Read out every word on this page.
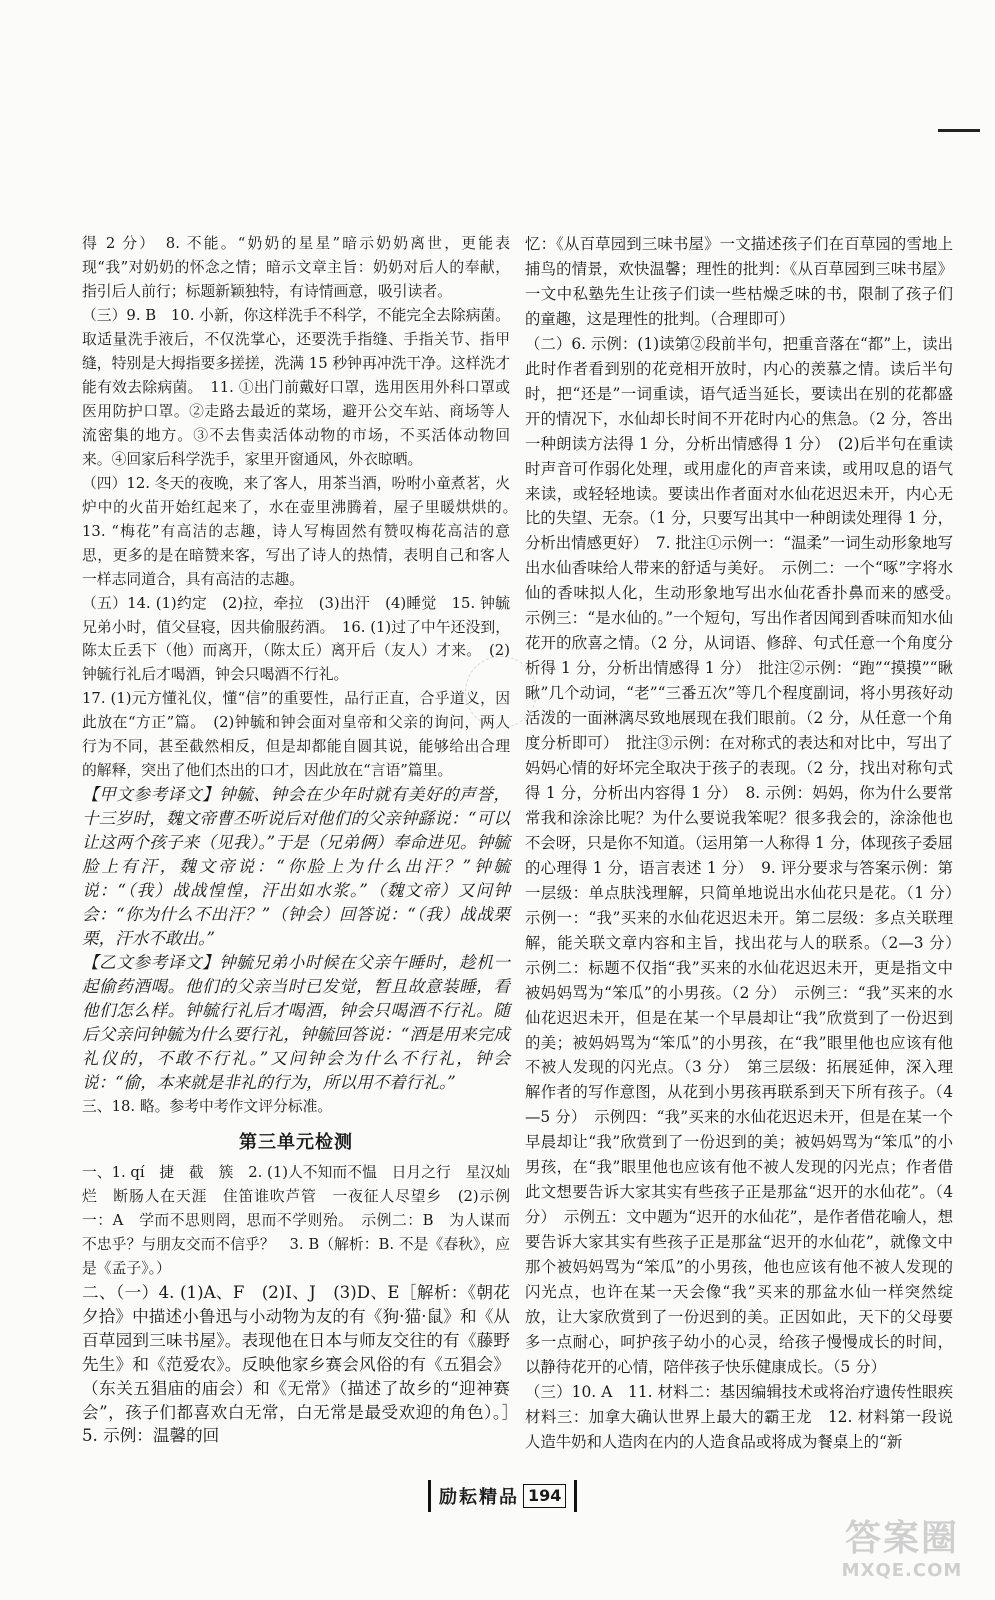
得 2 分）　8. 不能。“奶奶的星星”暗示奶奶离世，更能表现“我”对奶奶的怀念之情；暗示文章主旨：奶奶对后人的奉献，指引后人前行；标题新颖独特，有诗情画意，吸引读者。

（三）9. B　10. 小新，你这样洗手不科学，不能完全去除病菌。取适量洗手液后，不仅洗掌心，还要洗手指缝、手指关节、指甲缝，特别是大拇指要多搓搓，洗满 15 秒钟再冲洗干净。这样洗才能有效去除病菌。　11. ①出门前戴好口罩，选用医用外科口罩或医用防护口罩。②走路去最近的菜场，避开公交车站、商场等人流密集的地方。③不去售卖活体动物的市场，不买活体动物回来。④回家后科学洗手，家里开窗通风，外衣晾晒。

（四）12. 冬天的夜晚，来了客人，用茶当酒，吩咐小童煮茗，火炉中的火苗开始红起来了，水在壶里沸腾着，屋子里暖烘烘的。　13. “梅花”有高洁的志趣，诗人写梅固然有赞叹梅花高洁的意思，更多的是在暗赞来客，写出了诗人的热情，表明自己和客人一样志同道合，具有高洁的志趣。

（五）14. (1)约定　(2)拉，牵拉　(3)出汗　(4)睡觉　15. 钟毓兄弟小时，值父昼寝，因共偷服药酒。　16. (1)过了中午还没到，陈太丘丢下（他）而离开，（陈太丘）离开后（友人）才来。　(2)钟毓行礼后才喝酒，钟会只喝酒不行礼。

17. (1)元方懂礼仪，懂“信”的重要性，品行正直，合乎道义，因此放在“方正”篇。　(2)钟毓和钟会面对皇帝和父亲的询问，两人行为不同，甚至截然相反，但是却都能自圆其说，能够给出合理的解释，突出了他们杰出的口才，因此放在“言语”篇里。

【甲文参考译文】钟毓、钟会在少年时就有美好的声誉，十三岁时，魏文帝曹丕听说后对他们的父亲钟繇说：“可以让这两个孩子来（见我）。”于是（兄弟俩）奉命进见。钟毓脸上有汗，魏文帝说：“你脸上为什么出汗？”钟毓说：“（我）战战惶惶，汗出如水浆。”（魏文帝）又问钟会：“你为什么不出汗？”（钟会）回答说：“（我）战战栗栗，汗水不敢出。”

【乙文参考译文】钟毓兄弟小时候在父亲午睡时，趁机一起偷药酒喝。他们的父亲当时已发觉，暂且故意装睡，看他们怎么样。钟毓行礼后才喝酒，钟会只喝酒不行礼。随后父亲问钟毓为什么要行礼，钟毓回答说：“酒是用来完成礼仪的，不敢不行礼。”又问钟会为什么不行礼，钟会说：“偷，本来就是非礼的行为，所以用不着行礼。”

三、18. 略。参考中考作文评分标准。

第三单元检测

一、1. qí　捷　截　簇　2. (1)人不知而不愠　日月之行　星汉灿烂　断肠人在天涯　住笛谁吹芦管　一夜征人尽望乡　(2)示例一：A　学而不思则罔，思而不学则殆。　示例二：B　为人谋而不忠乎？与朋友交而不信乎？　3. B（解析：B. 不是《春秋》，应是《孟子》。）

二、（一）4. (1)A、F　(2)I、J　(3)D、E［解析：《朝花夕拾》中描述小鲁迅与小动物为友的有《狗·猫·鼠》和《从百草园到三味书屋》。表现他在日本与师友交往的有《藤野先生》和《范爱农》。反映他家乡赛会风俗的有《五猖会》（东关五猖庙的庙会）和《无常》（描述了故乡的“迎神赛会”，孩子们都喜欢白无常，白无常是最受欢迎的角色）。］　5. 示例：温馨的回

忆：《从百草园到三味书屋》一文描述孩子们在百草园的雪地上捕鸟的情景，欢快温馨；理性的批判：《从百草园到三味书屋》一文中私塾先生让孩子们读一些枯燥乏味的书，限制了孩子们的童趣，这是理性的批判。（合理即可）

（二）6. 示例：(1)读第②段前半句，把重音落在“都”上，读出此时作者看到别的花竞相开放时，内心的羡慕之情。读后半句时，把“还是”一词重读，语气适当延长，要读出在别的花都盛开的情况下，水仙却长时间不开花时内心的焦急。（2 分，答出一种朗读方法得 1 分，分析出情感得 1 分）　(2)后半句在重读时声音可作弱化处理，或用虚化的声音来读，或用叹息的语气来读，或轻轻地读。要读出作者面对水仙花迟迟未开，内心无比的失望、无奈。（1 分，只要写出其中一种朗读处理得 1 分，分析出情感更好）　7. 批注①示例一：“温柔”一词生动形象地写出水仙香味给人带来的舒适与美好。　示例二：一个“啄”字将水仙的香味拟人化，生动形象地写出水仙花香扑鼻而来的感受。　示例三：“是水仙的。”一个短句，写出作者因闻到香味而知水仙花开的欣喜之情。（2 分，从词语、修辞、句式任意一个角度分析得 1 分，分析出情感得 1 分）　批注②示例：“跑”“摸摸”“瞅瞅”几个动词，“老”“三番五次”等几个程度副词，将小男孩好动活泼的一面淋漓尽致地展现在我们眼前。（2 分，从任意一个角度分析即可）　批注③示例：在对称式的表达和对比中，写出了妈妈心情的好坏完全取决于孩子的表现。（2 分，找出对称句式得 1 分，分析出内容得 1 分）　8. 示例：妈妈，你为什么要常常我和涂涂比呢？为什么要说我笨呢？很多我会的，涂涂他也不会呀，只是你不知道。（运用第一人称得 1 分，体现孩子委屈的心理得 1 分，语言表述 1 分）　9. 评分要求与答案示例：第一层级：单点肤浅理解，只简单地说出水仙花只是花。（1 分）　示例一：“我”买来的水仙花迟迟未开。第二层级：多点关联理解，能关联文章内容和主旨，找出花与人的联系。（2—3 分）　示例二：标题不仅指“我”买来的水仙花迟迟未开，更是指文中被妈妈骂为“笨瓜”的小男孩。（2 分）　示例三：“我”买来的水仙花迟迟未开，但是在某一个早晨却让“我”欣赏到了一份迟到的美；被妈妈骂为“笨瓜”的小男孩，在“我”眼里他也应该有他不被人发现的闪光点。（3 分）　第三层级：拓展延伸，深入理解作者的写作意图，从花到小男孩再联系到天下所有孩子。（4—5 分）　示例四：“我”买来的水仙花迟迟未开，但是在某一个早晨却让“我”欣赏到了一份迟到的美；被妈妈骂为“笨瓜”的小男孩，在“我”眼里他也应该有他不被人发现的闪光点；作者借此文想要告诉大家其实有些孩子正是那盆“迟开的水仙花”。（4 分）　示例五：文中题为“迟开的水仙花”，是作者借花喻人，想要告诉大家其实有些孩子正是那盆“迟开的水仙花”，就像文中那个被妈妈骂为“笨瓜”的小男孩，他也应该有他不被人发现的闪光点，也许在某一天会像“我”买来的那盆水仙一样突然绽放，让大家欣赏到了一份迟到的美。正因如此，天下的父母要多一点耐心，呵护孩子幼小的心灵，给孩子慢慢成长的时间，以静待花开的心情，陪伴孩子快乐健康成长。（5 分）

（三）10. A　11. 材料二：基因编辑技术或将治疗遗传性眼疾　材料三：加拿大确认世界上最大的霸王龙　12. 材料第一段说人造牛奶和人造肉在内的人造食品或将成为餐桌上的“新

励耘精品 194
答案圈
MXQE.COM
